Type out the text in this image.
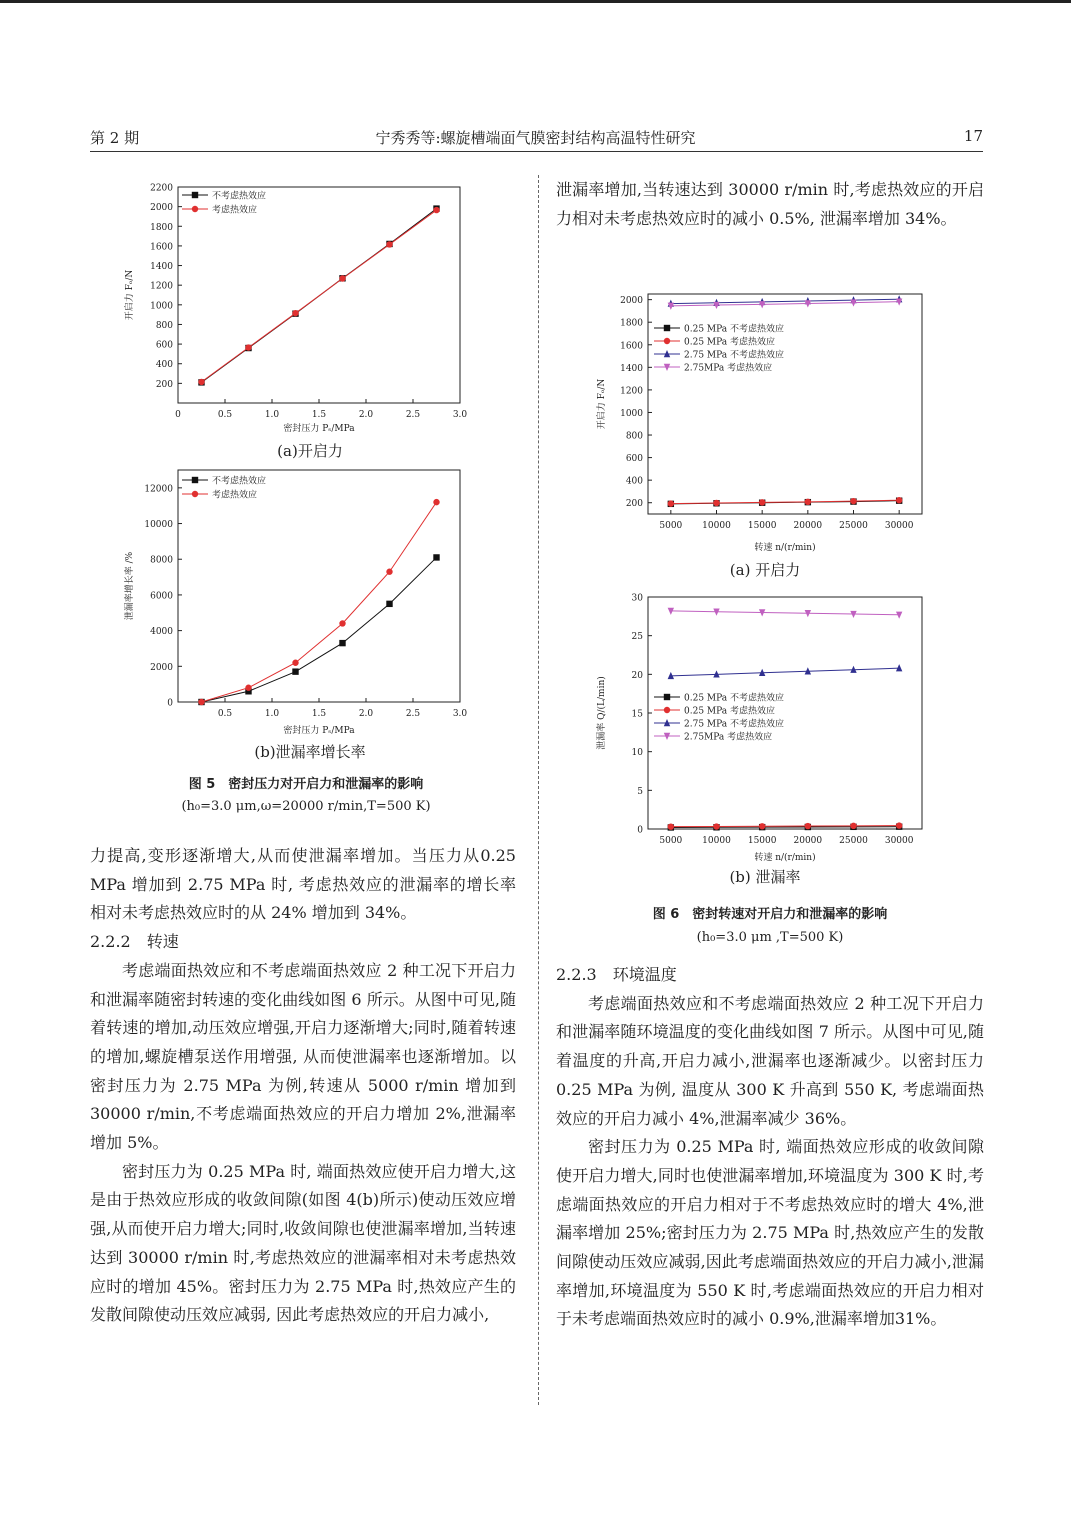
第 2 期	宁秀秀等:螺旋槽端面气膜密封结构高温特性研究	17
200
400
600
800
1000
1200
1400
1600
1800
2000
2200
0	0.5	1.0	1.5	2.0	2.5	3.0
密封压力 Pₛ/MPa
开启力 Fₒ/N
不考虑热效应
考虑热效应
(a)开启力
0
2000
4000
6000
8000
10000
12000
0.5	1.0	1.5	2.0	2.5	3.0
密封压力 Pₛ/MPa
泄漏率增长率 /%
不考虑热效应
考虑热效应
(b)泄漏率增长率
图 5　密封压力对开启力和泄漏率的影响
(h₀=3.0 μm,ω=20000 r/min,T=500 K)
200
400
600
800
1000
1200
1400
1600
1800
2000
5000 10000 15000 20000 25000 30000
转速 n/(r/min)
开启力 Fₒ/N
0.25 MPa 不考虑热效应
0.25 MPa 考虑热效应
2.75 MPa 不考虑热效应
2.75MPa 考虑热效应
(a) 开启力
0
5
10
15
20
25
30
5000 10000 15000 20000 25000 30000
转速 n/(r/min)
泄漏率 Q/(L/min)	0.25 MPa 不考虑热效应
0.25 MPa 考虑热效应
2.75 MPa 不考虑热效应
2.75MPa 考虑热效应
(b) 泄漏率
图 6　密封转速对开启力和泄漏率的影响
(h₀=3.0 μm ,T=500 K)

力提高,变形逐渐增大,从而使泄漏率增加。当压力从0.25 MPa 增加到 2.75 MPa 时, 考虑热效应的泄漏率的增长率相对未考虑热效应时的从 24% 增加到 34%。

2.2.2　转速

考虑端面热效应和不考虑端面热效应 2 种工况下开启力和泄漏率随密封转速的变化曲线如图 6 所示。从图中可见,随着转速的增加,动压效应增强,开启力逐渐增大;同时,随着转速的增加,螺旋槽泵送作用增强, 从而使泄漏率也逐渐增加。以密封压力为 2.75 MPa 为例,转速从 5000 r/min 增加到 30000 r/min,不考虑端面热效应的开启力增加 2%,泄漏率增加 5%。

密封压力为 0.25 MPa 时, 端面热效应使开启力增大,这是由于热效应形成的收敛间隙(如图 4(b)所示)使动压效应增强,从而使开启力增大;同时,收敛间隙也使泄漏率增加,当转速达到 30000 r/min 时,考虑热效应的泄漏率相对未考虑热效应时的增加 45%。密封压力为 2.75 MPa 时,热效应产生的发散间隙使动压效应减弱, 因此考虑热效应的开启力减小,

泄漏率增加,当转速达到 30000 r/min 时,考虑热效应的开启力相对未考虑热效应时的减小 0.5%, 泄漏率增加 34%。

2.2.3　环境温度

考虑端面热效应和不考虑端面热效应 2 种工况下开启力和泄漏率随环境温度的变化曲线如图 7 所示。从图中可见,随着温度的升高,开启力减小,泄漏率也逐渐减少。以密封压力 0.25 MPa 为例, 温度从 300 K 升高到 550 K, 考虑端面热效应的开启力减小 4%,泄漏率减少 36%。

密封压力为 0.25 MPa 时, 端面热效应形成的收敛间隙使开启力增大,同时也使泄漏率增加,环境温度为 300 K 时,考虑端面热效应的开启力相对于不考虑热效应时的增大 4%,泄漏率增加 25%;密封压力为 2.75 MPa 时,热效应产生的发散间隙使动压效应减弱,因此考虑端面热效应的开启力减小,泄漏率增加,环境温度为 550 K 时,考虑端面热效应的开启力相对于未考虑端面热效应时的减小 0.9%,泄漏率增加31%。
